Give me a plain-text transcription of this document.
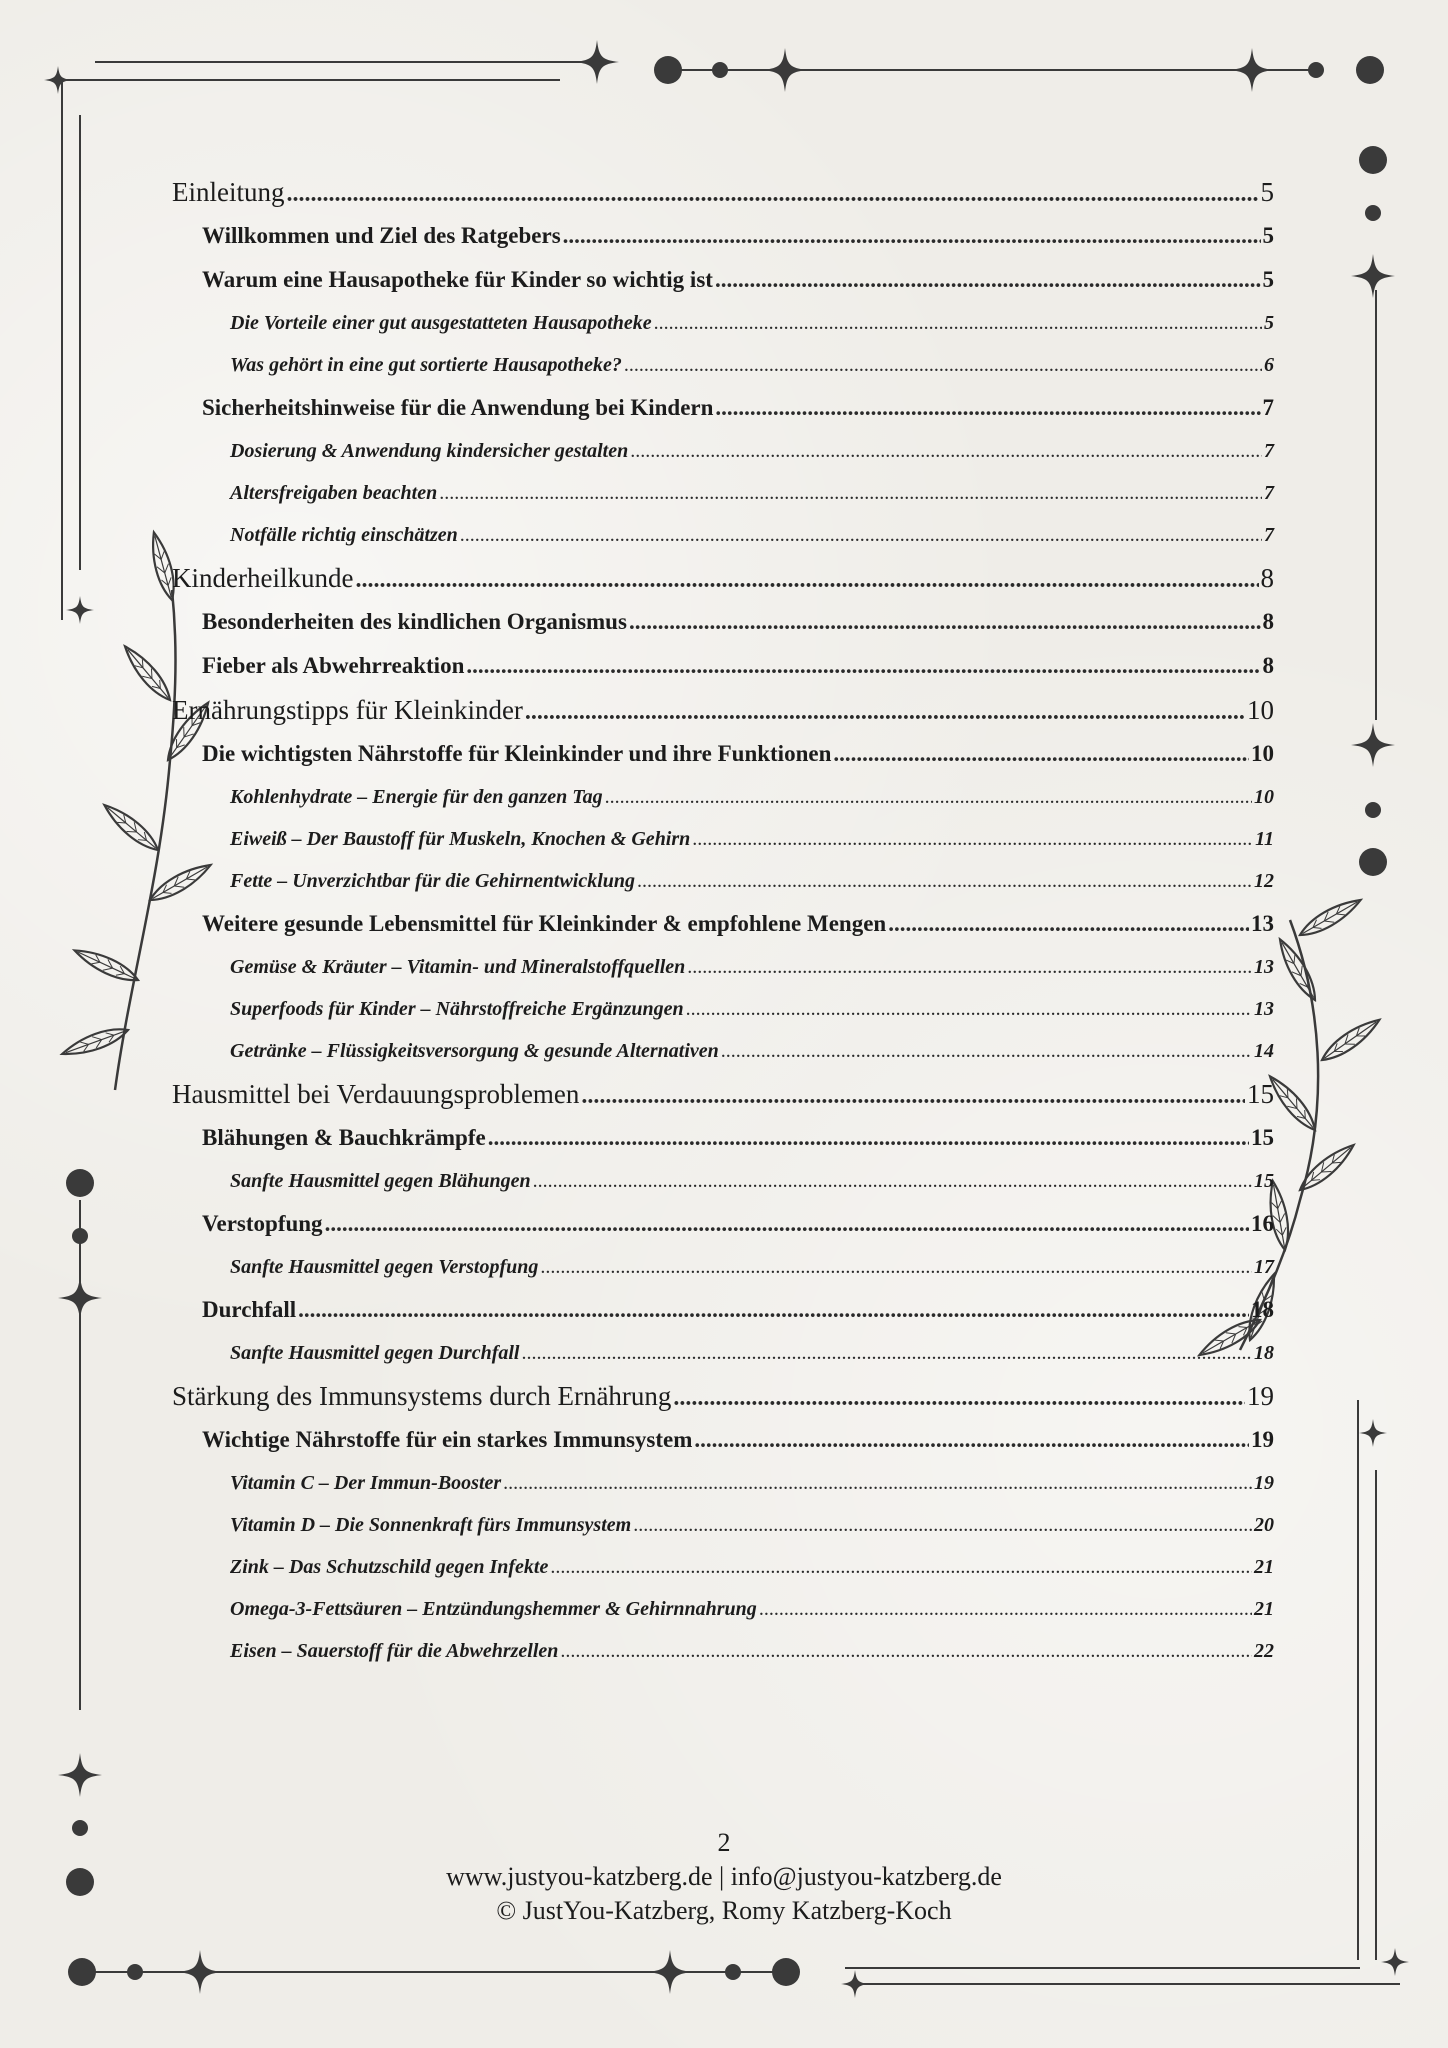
Einleitung .....	5
Willkommen und Ziel des Ratgebers .....	5
Warum eine Hausapotheke für Kinder so wichtig ist .....	5
Die Vorteile einer gut ausgestatteten Hausapotheke .....	5
Was gehört in eine gut sortierte Hausapotheke? .....	6
Sicherheitshinweise für die Anwendung bei Kindern .....	7
Dosierung & Anwendung kindersicher gestalten .....	7
Altersfreigaben beachten .....	7
Notfälle richtig einschätzen .....	7
Kinderheilkunde .....	8
Besonderheiten des kindlichen Organismus .....	8
Fieber als Abwehrreaktion .....	8
Ernährungstipps für Kleinkinder .....	10
Die wichtigsten Nährstoffe für Kleinkinder und ihre Funktionen .....	10
Kohlenhydrate – Energie für den ganzen Tag .....	10
Eiweiß – Der Baustoff für Muskeln, Knochen & Gehirn .....	11
Fette – Unverzichtbar für die Gehirnentwicklung .....	12
Weitere gesunde Lebensmittel für Kleinkinder & empfohlene Mengen .....	13
Gemüse & Kräuter – Vitamin- und Mineralstoffquellen .....	13
Superfoods für Kinder – Nährstoffreiche Ergänzungen .....	13
Getränke – Flüssigkeitsversorgung & gesunde Alternativen .....	14
Hausmittel bei Verdauungsproblemen .....	15
Blähungen & Bauchkrämpfe .....	15
Sanfte Hausmittel gegen Blähungen .....	15
Verstopfung .....	16
Sanfte Hausmittel gegen Verstopfung .....	17
Durchfall .....	18
Sanfte Hausmittel gegen Durchfall .....	18
Stärkung des Immunsystems durch Ernährung .....	19
Wichtige Nährstoffe für ein starkes Immunsystem .....	19
Vitamin C – Der Immun-Booster .....	19
Vitamin D – Die Sonnenkraft fürs Immunsystem .....	20
Zink – Das Schutzschild gegen Infekte .....	21
Omega-3-Fettsäuren – Entzündungshemmer & Gehirnnahrung .....	21
Eisen – Sauerstoff für die Abwehrzellen .....	22
2
www.justyou-katzberg.de | info@justyou-katzberg.de
© JustYou-Katzberg, Romy Katzberg-Koch
